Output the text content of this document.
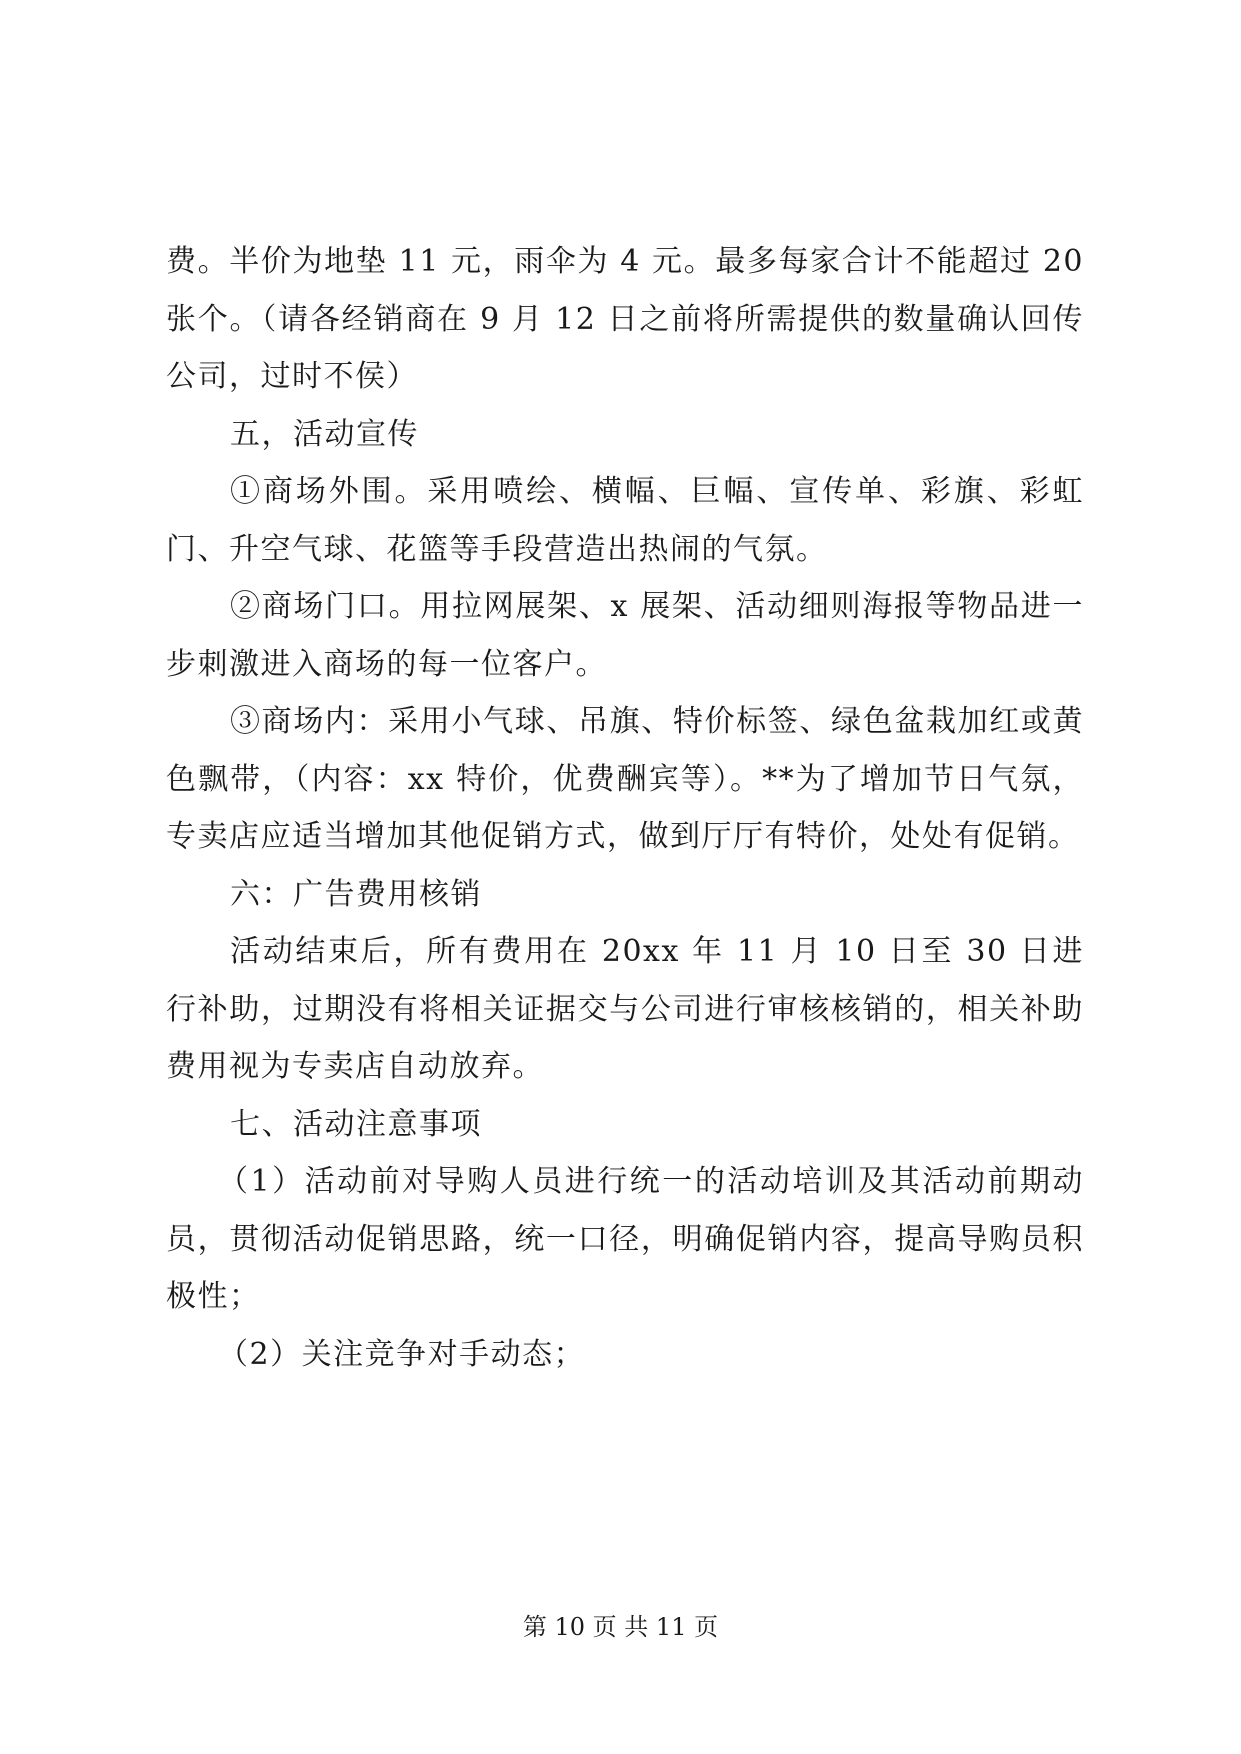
费。半价为地垫 11 元，雨伞为 4 元。最多每家合计不能超过 20 张个。（请各经销商在 9 月 12 日之前将所需提供的数量确认回传公司，过时不侯）

五，活动宣传

①商场外围。采用喷绘、横幅、巨幅、宣传单、彩旗、彩虹门、升空气球、花篮等手段营造出热闹的气氛。

②商场门口。用拉网展架、x 展架、活动细则海报等物品进一步刺激进入商场的每一位客户。

③商场内：采用小气球、吊旗、特价标签、绿色盆栽加红或黄色飘带，（内容：xx 特价，优费酬宾等）。**为了增加节日气氛，专卖店应适当增加其他促销方式，做到厅厅有特价，处处有促销。

六：广告费用核销

活动结束后，所有费用在 20xx 年 11 月 10 日至 30 日进行补助，过期没有将相关证据交与公司进行审核核销的，相关补助费用视为专卖店自动放弃。

七、活动注意事项

（1）活动前对导购人员进行统一的活动培训及其活动前期动员，贯彻活动促销思路，统一口径，明确促销内容，提高导购员积极性；

（2）关注竞争对手动态；

第 10 页 共 11 页
